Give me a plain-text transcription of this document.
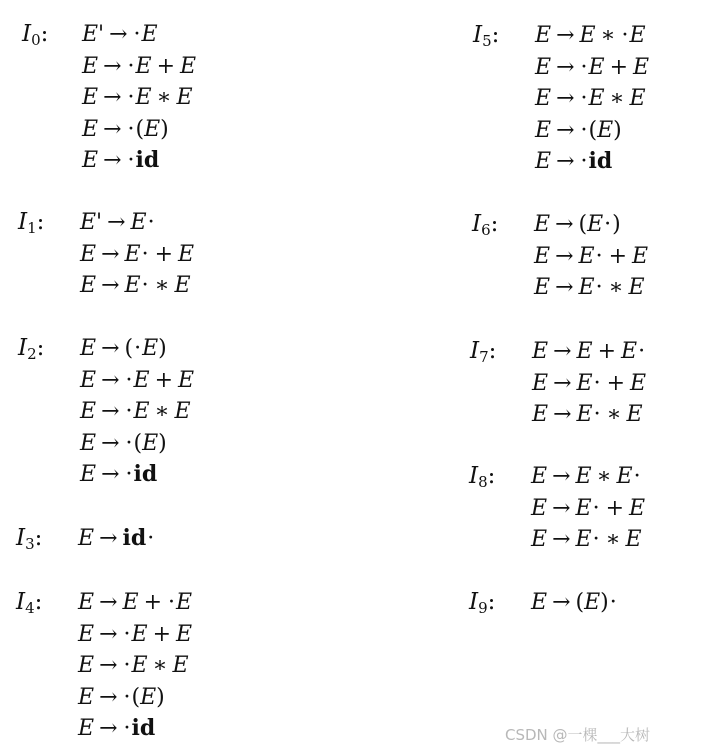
$I_0$: E' → ·E
E → ·E + E
E → ·E ∗ E
E → ·(E)
E → ·id
$I_1$: E' → E·
E → E· + E
E → E· ∗ E
$I_2$: E → (·E)
E → ·E + E
E → ·E ∗ E
E → ·(E)
E → ·id
$I_3$: E → id·
$I_4$: E → E + ·E
E → ·E + E
E → ·E ∗ E
E → ·(E)
E → ·id
$I_5$: E → E ∗ ·E
E → ·E + E
E → ·E ∗ E
E → ·(E)
E → ·id
$I_6$: E → (E·)
E → E· + E
E → E· ∗ E
$I_7$: E → E + E·
E → E· + E
E → E· ∗ E
$I_8$: E → E ∗ E·
E → E· + E
E → E· ∗ E
$I_9$: E → (E)·
CSDN @一棵___大树
